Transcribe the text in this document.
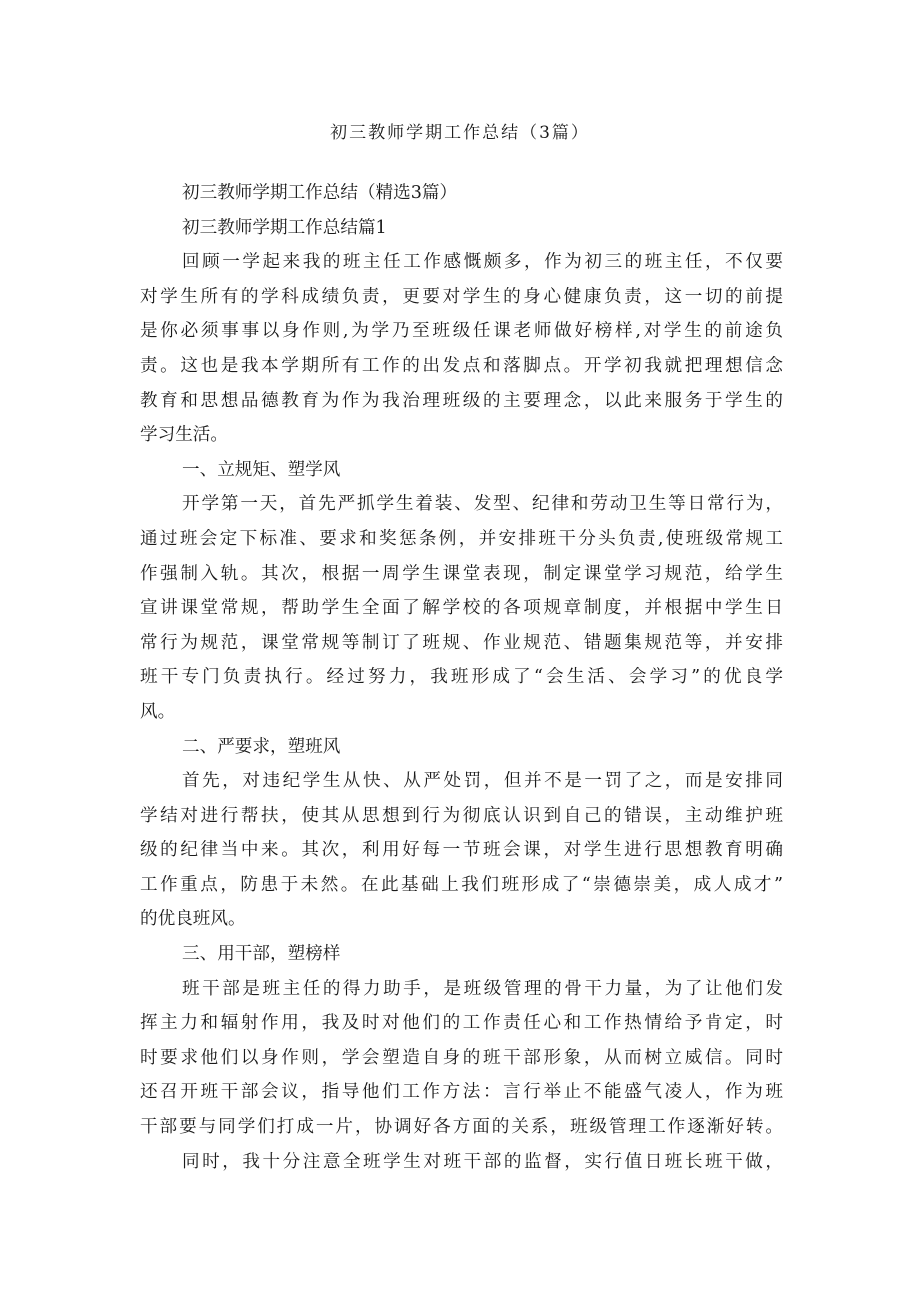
初三教师学期工作总结（3篇）
初三教师学期工作总结（精选3篇）
初三教师学期工作总结篇1
回顾一学起来我的班主任工作感慨颇多，作为初三的班主任，不仅要
对学生所有的学科成绩负责，更要对学生的身心健康负责，这一切的前提
是你必须事事以身作则,为学乃至班级任课老师做好榜样,对学生的前途负
责。这也是我本学期所有工作的出发点和落脚点。开学初我就把理想信念
教育和思想品德教育为作为我治理班级的主要理念，以此来服务于学生的
学习生活。
一、立规矩、塑学风
开学第一天，首先严抓学生着装、发型、纪律和劳动卫生等日常行为，
通过班会定下标准、要求和奖惩条例，并安排班干分头负责,使班级常规工
作强制入轨。其次，根据一周学生课堂表现，制定课堂学习规范，给学生
宣讲课堂常规，帮助学生全面了解学校的各项规章制度，并根据中学生日
常行为规范，课堂常规等制订了班规、作业规范、错题集规范等，并安排
班干专门负责执行。经过努力，我班形成了“会生活、会学习”的优良学
风。
二、严要求，塑班风
首先，对违纪学生从快、从严处罚，但并不是一罚了之，而是安排同
学结对进行帮扶，使其从思想到行为彻底认识到自己的错误，主动维护班
级的纪律当中来。其次，利用好每一节班会课，对学生进行思想教育明确
工作重点，防患于未然。在此基础上我们班形成了“崇德崇美，成人成才”
的优良班风。
三、用干部，塑榜样
班干部是班主任的得力助手，是班级管理的骨干力量，为了让他们发
挥主力和辐射作用，我及时对他们的工作责任心和工作热情给予肯定，时
时要求他们以身作则，学会塑造自身的班干部形象，从而树立威信。同时
还召开班干部会议，指导他们工作方法：言行举止不能盛气凌人，作为班
干部要与同学们打成一片，协调好各方面的关系，班级管理工作逐渐好转。
同时，我十分注意全班学生对班干部的监督，实行值日班长班干做，
